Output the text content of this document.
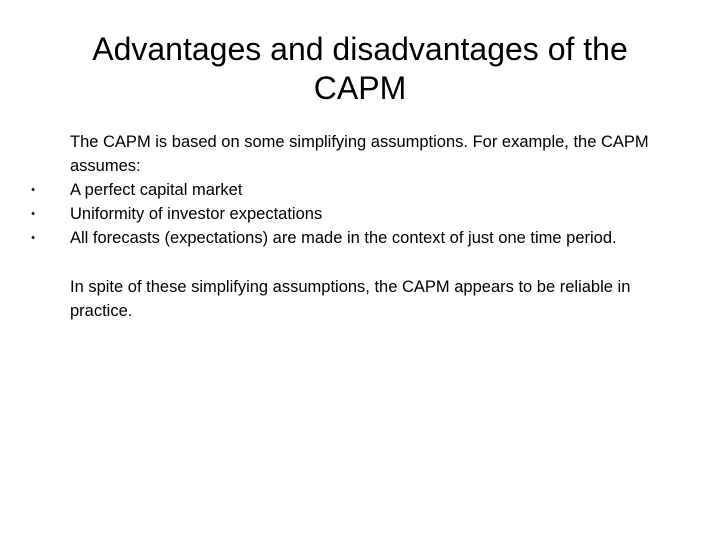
Advantages and disadvantages of the CAPM

The CAPM is based on some simplifying assumptions. For example, the CAPM assumes:

• A perfect capital market
• Uniformity of investor expectations
• All forecasts (expectations) are made in the context of just one time period.

In spite of these simplifying assumptions, the CAPM appears to be reliable in practice.
